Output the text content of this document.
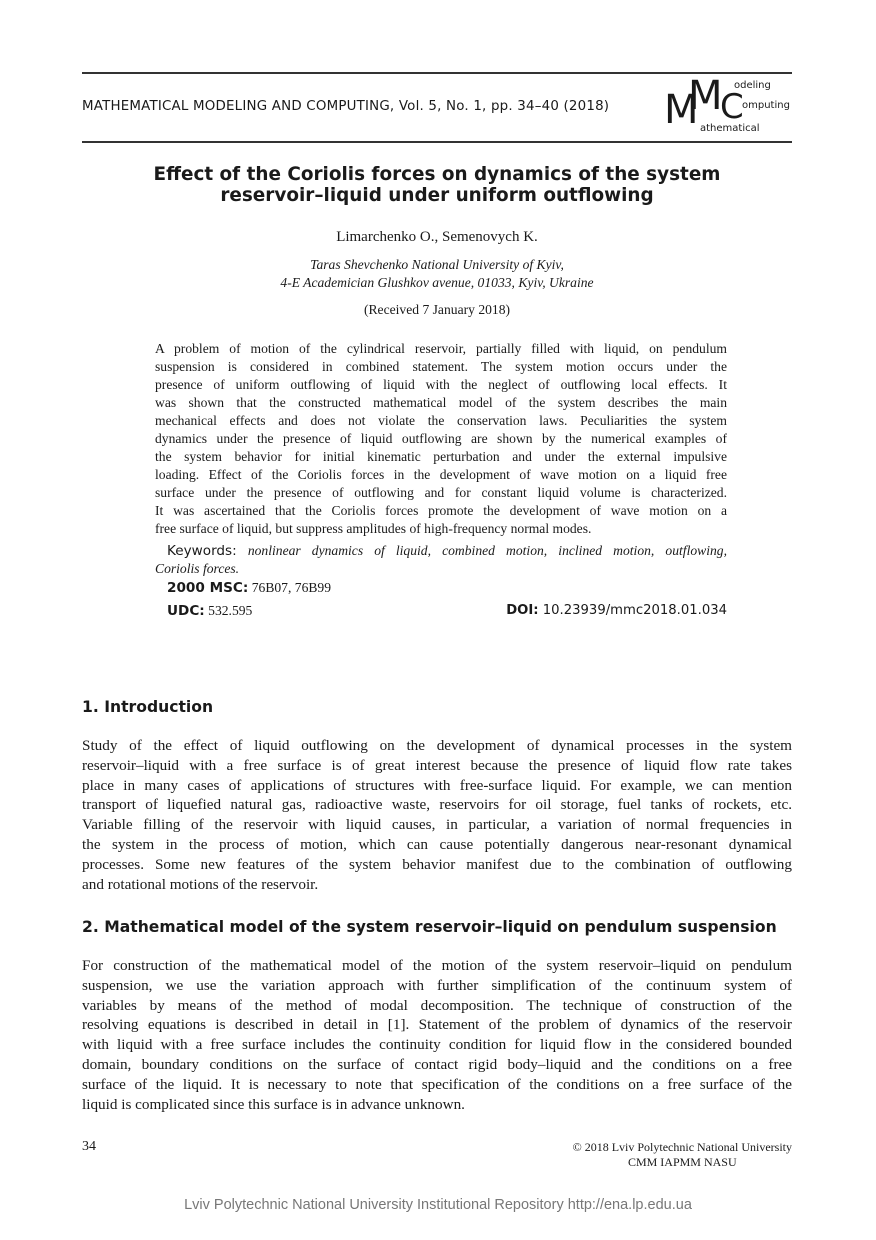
MATHEMATICAL MODELING AND COMPUTING, Vol. 5, No. 1, pp. 34–40 (2018) M
M
C
odeling
omputing
athematical
Effect of the Coriolis forces on dynamics of the system
reservoir–liquid under uniform outflowing
Limarchenko O., Semenovych K.
Taras Shevchenko National University of Kyiv,
4-E Academician Glushkov avenue, 01033, Kyiv, Ukraine
(Received 7 January 2018)
A problem of motion of the cylindrical reservoir, partially filled with liquid, on pendulum
suspension is considered in combined statement. The system motion occurs under the
presence of uniform outflowing of liquid with the neglect of outflowing local effects. It
was shown that the constructed mathematical model of the system describes the main
mechanical effects and does not violate the conservation laws. Peculiarities the system
dynamics under the presence of liquid outflowing are shown by the numerical examples of
the system behavior for initial kinematic perturbation and under the external impulsive
loading. Effect of the Coriolis forces in the development of wave motion on a liquid free
surface under the presence of outflowing and for constant liquid volume is characterized.
It was ascertained that the Coriolis forces promote the development of wave motion on a
free surface of liquid, but suppress amplitudes of high-frequency normal modes.
Keywords: nonlinear dynamics of liquid, combined motion, inclined motion, outflowing,
Coriolis forces.
2000 MSC: 76B07, 76B99
UDC: 532.595	DOI: 10.23939/mmc2018.01.034
1. Introduction
Study of the effect of liquid outflowing on the development of dynamical processes in the system
reservoir–liquid with a free surface is of great interest because the presence of liquid flow rate takes
place in many cases of applications of structures with free-surface liquid. For example, we can mention
transport of liquefied natural gas, radioactive waste, reservoirs for oil storage, fuel tanks of rockets, etc.
Variable filling of the reservoir with liquid causes, in particular, a variation of normal frequencies in
the system in the process of motion, which can cause potentially dangerous near-resonant dynamical
processes. Some new features of the system behavior manifest due to the combination of outflowing
and rotational motions of the reservoir.
2. Mathematical model of the system reservoir–liquid on pendulum suspension
For construction of the mathematical model of the motion of the system reservoir–liquid on pendulum
suspension, we use the variation approach with further simplification of the continuum system of
variables by means of the method of modal decomposition. The technique of construction of the
resolving equations is described in detail in [1]. Statement of the problem of dynamics of the reservoir
with liquid with a free surface includes the continuity condition for liquid flow in the considered bounded
domain, boundary conditions on the surface of contact rigid body–liquid and the conditions on a free
surface of the liquid. It is necessary to note that specification of the conditions on a free surface of the
liquid is complicated since this surface is in advance unknown.
34	© 2018 Lviv Polytechnic National University
CMM IAPMM NASU
Lviv Polytechnic National University Institutional Repository http://ena.lp.edu.ua
